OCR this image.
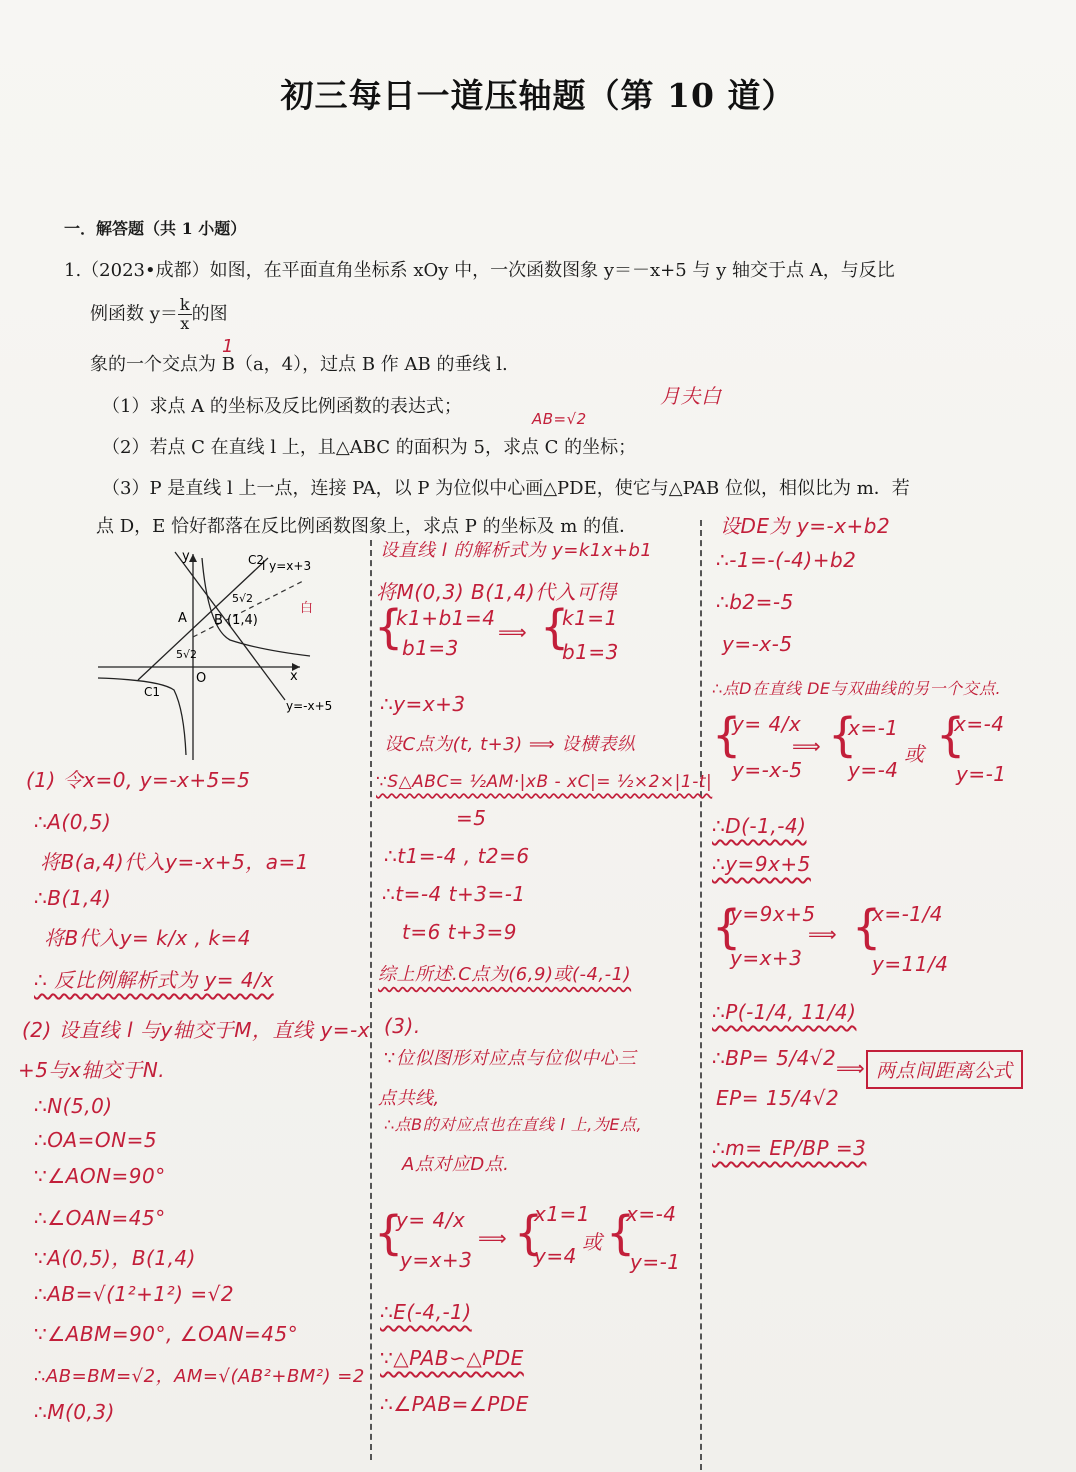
初三每日一道压轴题（第 10 道）
一．解答题（共 1 小题）
1.（2023•成都）如图，在平面直角坐标系 xOy 中，一次函数图象 y＝－x+5 与 y 轴交于点 A，与反比
例函数 $y= \frac{k}{x}$ 的图
象的一个交点为 B（a，4），过点 B 作 AB 的垂线 l.
（1）求点 A 的坐标及反比例函数的表达式；
（2）若点 C 在直线 l 上，且△ABC 的面积为 5，求点 C 的坐标；
（3）P 是直线 l 上一点，连接 PA，以 P 为位似中心画△PDE，使它与△PAB 位似，相似比为 m．若
点 D，E 恰好都落在反比例函数图象上，求点 P 的坐标及 m 的值．
1
AB=√2
月夫白
y
x
O
A B (1,4)
C1
C2
l y=x+3
y=-x+5
5√2
5√2
白
(1) 令x=0, y=-x+5=5
∴A(0,5)
将B(a,4)代入y=-x+5，a=1
∴B(1,4)
将B代入y= k/x , k=4
∴ 反比例解析式为 y= 4/x
(2) 设直线 l 与y轴交于M，直线 y=-x
+5与x轴交于N.
∴N(5,0)
∴OA=ON=5
∵∠AON=90°
∴∠OAN=45°
∵A(0,5)，B(1,4)
∴AB=√(1²+1²) =√2
∵∠ABM=90°, ∠OAN=45°
∴AB=BM=√2，AM=√(AB²+BM²) =2
∴M(0,3)
设直线 l 的解析式为 y=k1x+b1
将M(0,3) B(1,4)代入可得
{
k1+b1=4
b1=3
⟹ {
k1=1
b1=3
∴y=x+3
设C点为(t, t+3) ⟹ 设横表纵
∵S△ABC= ½AM·|xB - xC|= ½×2×|1-t|
=5
∴t1=-4 , t2=6
∴t=-4 t+3=-1
t=6 t+3=9
综上所述.C点为(6,9)或(-4,-1)
(3).
∵位似图形对应点与位似中心三
点共线,
∴点B的对应点也在直线 l 上,为E点,
A点对应D点.
{
y= 4/x
y=x+3
⟹ {
x1=1
y=4
或 {
x=-4
y=-1
∴E(-4,-1)
∵△PAB∽△PDE
∴∠PAB=∠PDE
设DE为 y=-x+b2
∴-1=-(-4)+b2
∴b2=-5
y=-x-5
∴点D在直线 DE与双曲线的另一个交点.
{
y= 4/x
y=-x-5
⟹ {
x=-1
y=-4
或 {
x=-4
y=-1
∴D(-1,-4)
∴y=9x+5
{
y=9x+5
y=x+3
⟹ {
x=-1/4
y=11/4
∴P(-1/4, 11/4)
∴BP= 5/4√2
EP= 15/4√2
∴m= EP/BP =3
⟹ 两点间距离公式
